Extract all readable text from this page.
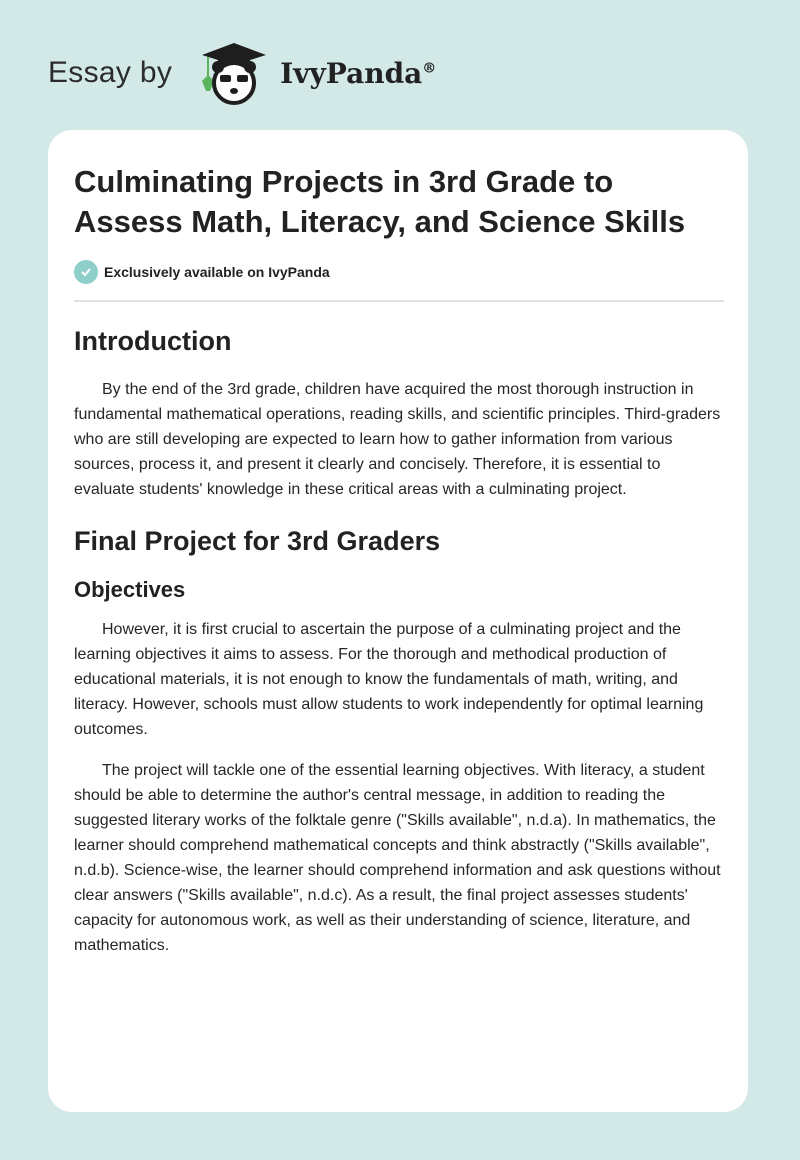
Essay by	IvyPanda®
Culminating Projects in 3rd Grade to Assess Math, Literacy, and Science Skills
Exclusively available on IvyPanda
Introduction

By the end of the 3rd grade, children have acquired the most thorough instruction in fundamental mathematical operations, reading skills, and scientific principles. Third-graders who are still developing are expected to learn how to gather information from various sources, process it, and present it clearly and concisely. Therefore, it is essential to evaluate students' knowledge in these critical areas with a culminating project.

Final Project for 3rd Graders
Objectives

However, it is first crucial to ascertain the purpose of a culminating project and the learning objectives it aims to assess. For the thorough and methodical production of educational materials, it is not enough to know the fundamentals of math, writing, and literacy. However, schools must allow students to work independently for optimal learning outcomes.

The project will tackle one of the essential learning objectives. With literacy, a student should be able to determine the author's central message, in addition to reading the suggested literary works of the folktale genre ("Skills available", n.d.a). In mathematics, the learner should comprehend mathematical concepts and think abstractly ("Skills available", n.d.b). Science-wise, the learner should comprehend information and ask questions without clear answers ("Skills available", n.d.c). As a result, the final project assesses students' capacity for autonomous work, as well as their understanding of science, literature, and mathematics.
